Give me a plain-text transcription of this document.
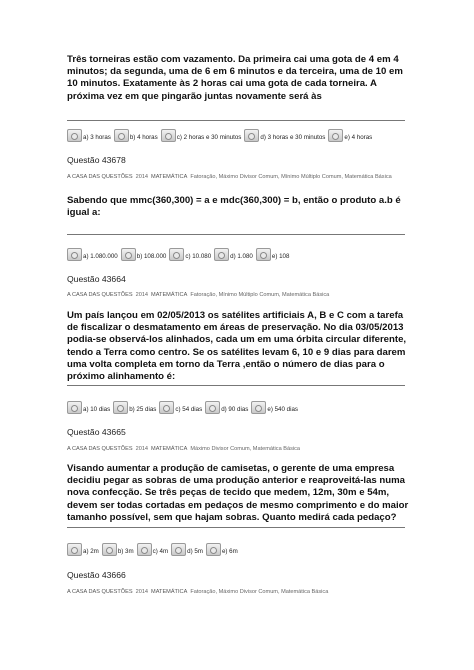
Três torneiras estão com vazamento. Da primeira cai uma gota de 4 em 4 minutos; da segunda, uma de 6 em 6 minutos e da terceira, uma de 10 em 10 minutos. Exatamente às 2 horas cai uma gota de cada torneira. A próxima vez em que pingarão juntas novamente será às
a) 3 horas	b) 4 horas	c) 2 horas e 30 minutos	d) 3 horas e 30 minutos	e) 4 horas
Questão 43678
A CASA DAS QUESTÕES 2014 MATEMÁTICA Fatoração, Máximo Divisor Comum, Mínimo Múltiplo Comum, Matemática Básica
Sabendo que mmc(360,300) = a e mdc(360,300) = b, então o produto a.b é igual a:
a) 1.080.000	b) 108.000	c) 10.080	d) 1.080	e) 108
Questão 43664
A CASA DAS QUESTÕES 2014 MATEMÁTICA Fatoração, Mínimo Múltiplo Comum, Matemática Básica
Um país lançou em 02/05/2013 os satélites artificiais A, B e C com a tarefa de fiscalizar o desmatamento em áreas de preservação. No dia 03/05/2013 podia-se observá-los alinhados, cada um em uma órbita circular diferente, tendo a Terra como centro. Se os satélites levam 6, 10 e 9 dias para darem uma volta completa em torno da Terra ,então o número de dias para o próximo alinhamento é:
a) 10 dias	b) 25 dias	c) 54 dias	d) 90 dias	e) 540 dias
Questão 43665
A CASA DAS QUESTÕES 2014 MATEMÁTICA Máximo Divisor Comum, Matemática Básica
Visando aumentar a produção de camisetas, o gerente de uma empresa decidiu pegar as sobras de uma produção anterior e reaproveitá-las numa nova confecção. Se três peças de tecido que medem, 12m, 30m e 54m, devem ser todas cortadas em pedaços de mesmo comprimento e do maior tamanho possível, sem que hajam sobras. Quanto medirá cada pedaço?
a) 2m	b) 3m	c) 4m	d) 5m	e) 6m
Questão 43666
A CASA DAS QUESTÕES 2014 MATEMÁTICA Fatoração, Máximo Divisor Comum, Matemática Básica
